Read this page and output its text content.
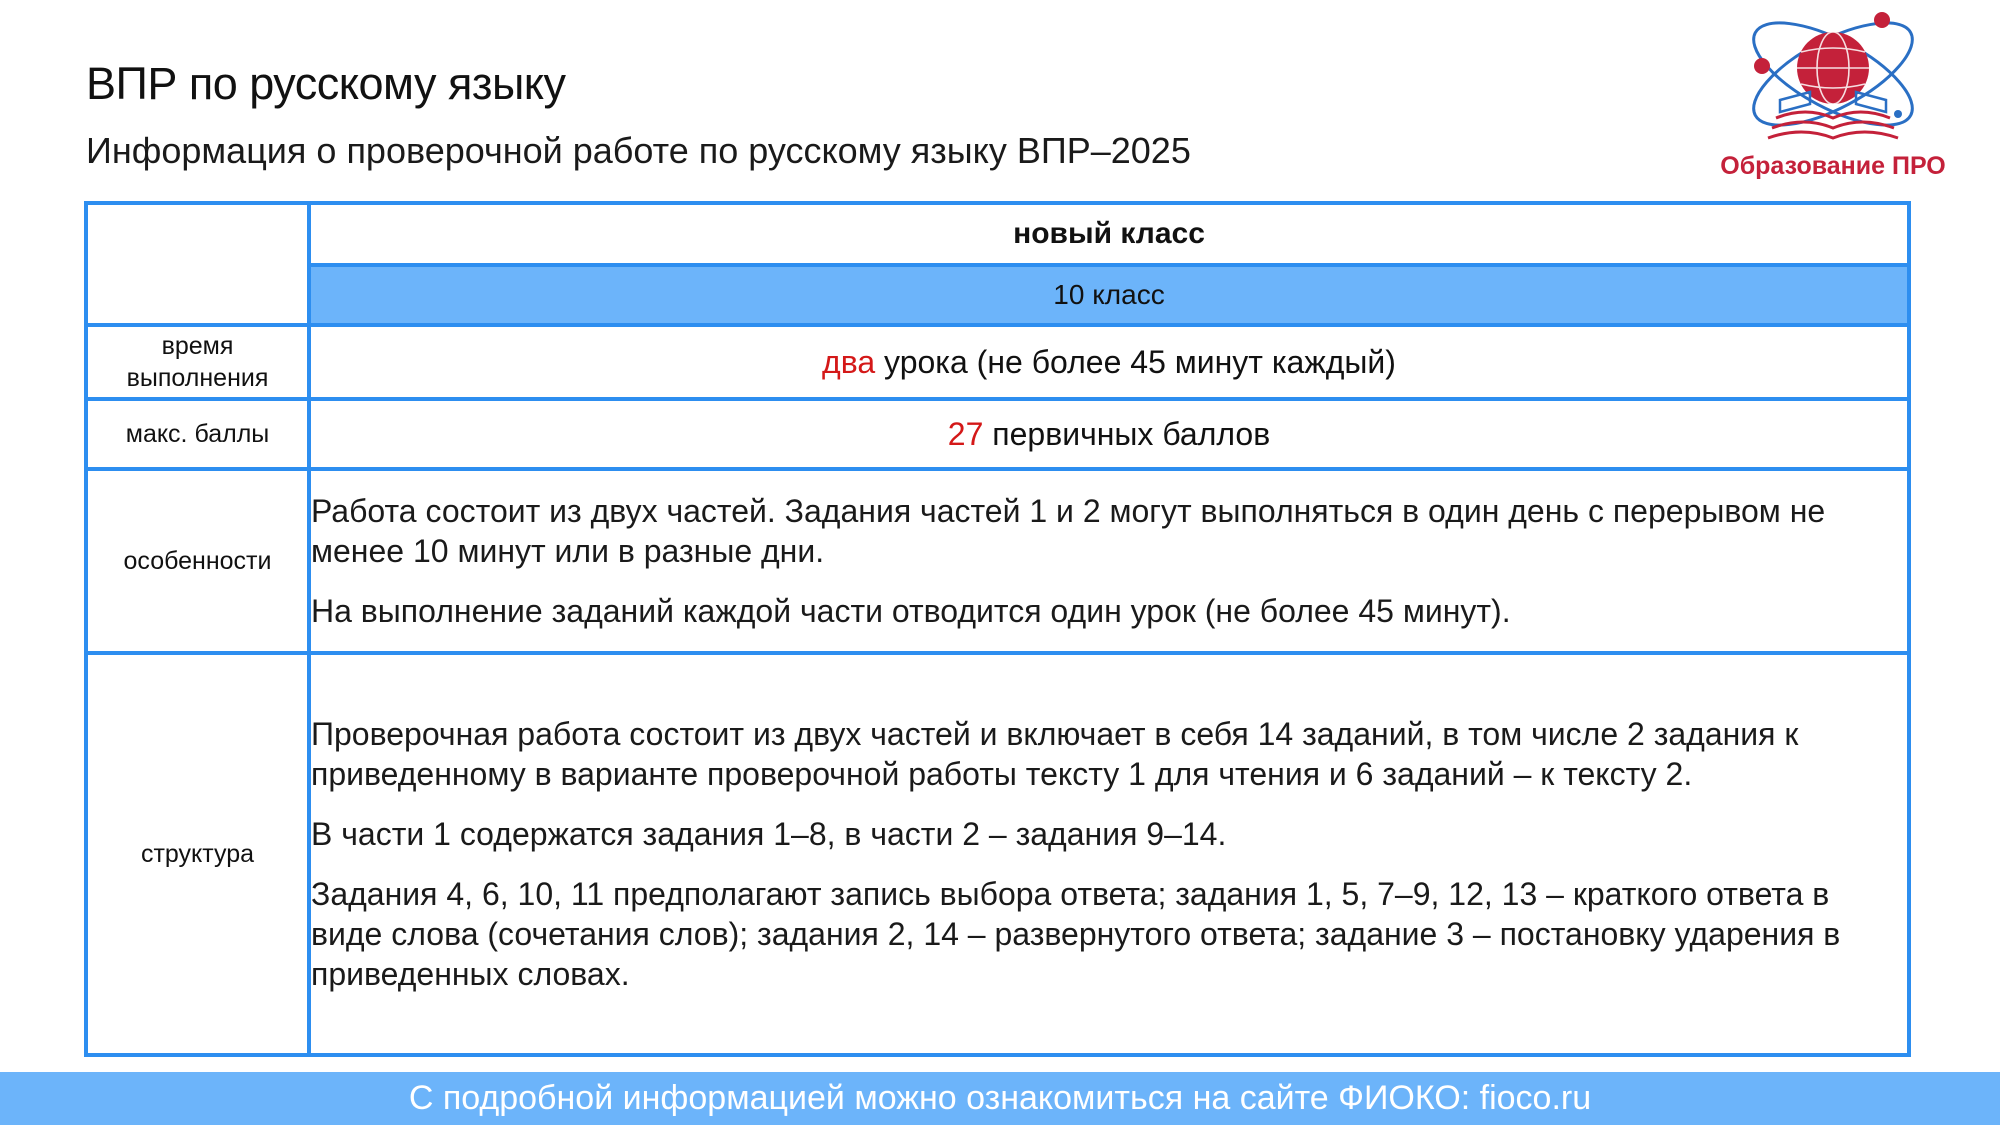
ВПР по русскому языку
Информация о проверочной работе по русскому языку ВПР–2025	Образование ПРО
	новый класс
	10 класс
время выполнения	два урока (не более 45 минут каждый)
макс. баллы	27 первичных баллов
особенности	Работа состоит из двух частей. Задания частей 1 и 2 могут выполняться в один день с перерывом не менее 10 минут или в разные дни.

На выполнение заданий каждой части отводится один урок (не более 45 минут).

структура	Проверочная работа состоит из двух частей и включает в себя 14 заданий, в том числе 2 задания к приведенному в варианте проверочной работы тексту 1 для чтения и 6 заданий – к тексту 2.

В части 1 содержатся задания 1–8, в части 2 – задания 9–14.

Задания 4, 6, 10, 11 предполагают запись выбора ответа; задания 1, 5, 7–9, 12, 13 – краткого ответа в виде слова (сочетания слов); задания 2, 14 – развернутого ответа; задание 3 – постановку ударения в приведенных словах.

С подробной информацией можно ознакомиться на сайте ФИОКО: fioco.ru
